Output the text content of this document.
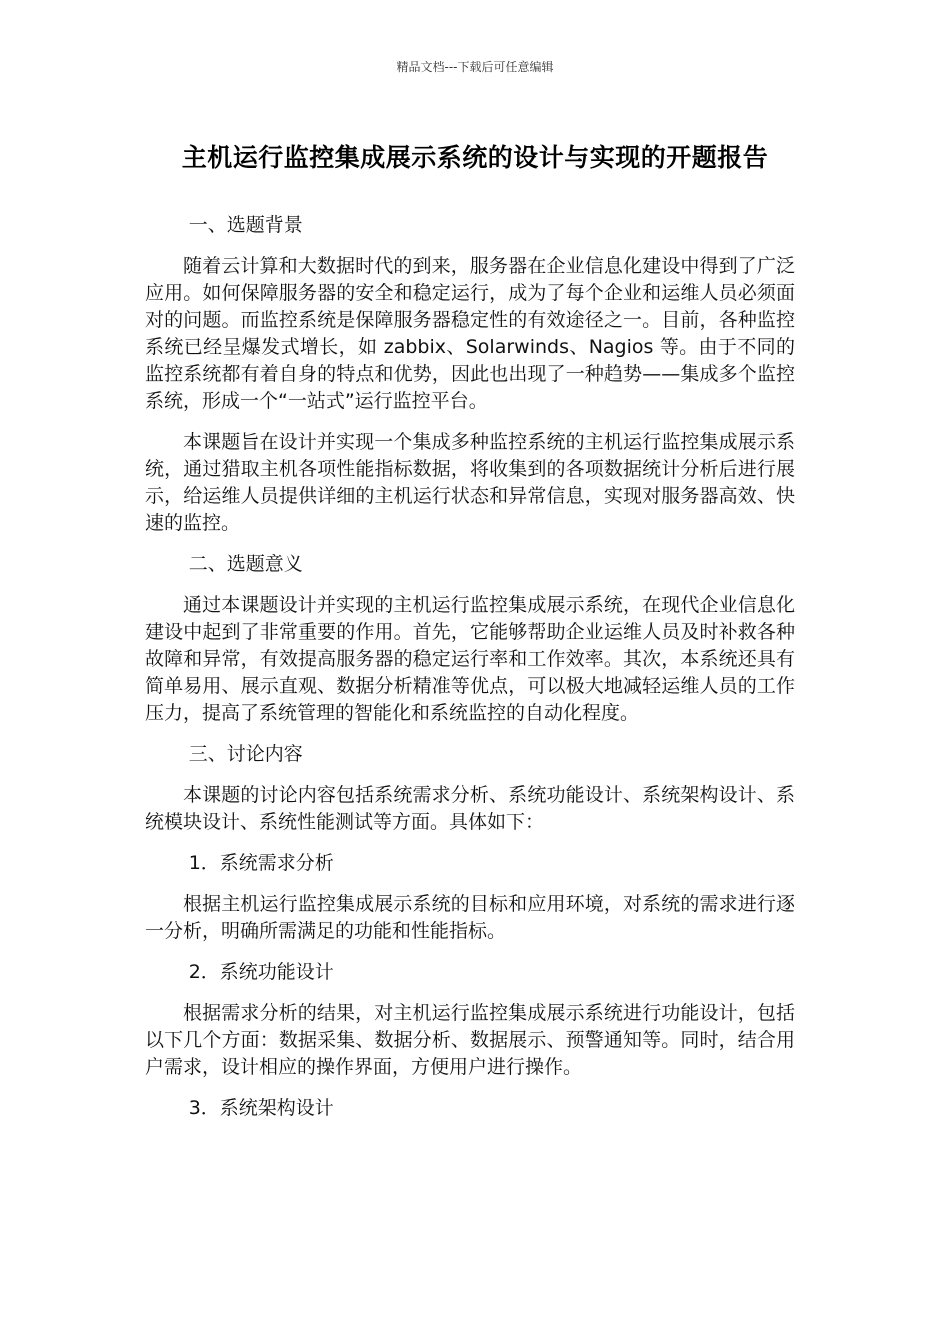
精品文档---下载后可任意编辑
主机运行监控集成展示系统的设计与实现的开题报告

一、选题背景

随着云计算和大数据时代的到来，服务器在企业信息化建设中得到了广泛应用。如何保障服务器的安全和稳定运行，成为了每个企业和运维人员必须面对的问题。而监控系统是保障服务器稳定性的有效途径之一。目前，各种监控系统已经呈爆发式增长，如 zabbix、Solarwinds、Nagios 等。由于不同的监控系统都有着自身的特点和优势，因此也出现了一种趋势——集成多个监控系统，形成一个“一站式”运行监控平台。

本课题旨在设计并实现一个集成多种监控系统的主机运行监控集成展示系统，通过猎取主机各项性能指标数据，将收集到的各项数据统计分析后进行展示，给运维人员提供详细的主机运行状态和异常信息，实现对服务器高效、快速的监控。

二、选题意义

通过本课题设计并实现的主机运行监控集成展示系统，在现代企业信息化建设中起到了非常重要的作用。首先，它能够帮助企业运维人员及时补救各种故障和异常，有效提高服务器的稳定运行率和工作效率。其次，本系统还具有简单易用、展示直观、数据分析精准等优点，可以极大地减轻运维人员的工作压力，提高了系统管理的智能化和系统监控的自动化程度。

三、讨论内容

本课题的讨论内容包括系统需求分析、系统功能设计、系统架构设计、系统模块设计、系统性能测试等方面。具体如下：

1．系统需求分析

根据主机运行监控集成展示系统的目标和应用环境，对系统的需求进行逐一分析，明确所需满足的功能和性能指标。

2．系统功能设计

根据需求分析的结果，对主机运行监控集成展示系统进行功能设计，包括以下几个方面：数据采集、数据分析、数据展示、预警通知等。同时，结合用户需求，设计相应的操作界面，方便用户进行操作。

3．系统架构设计
